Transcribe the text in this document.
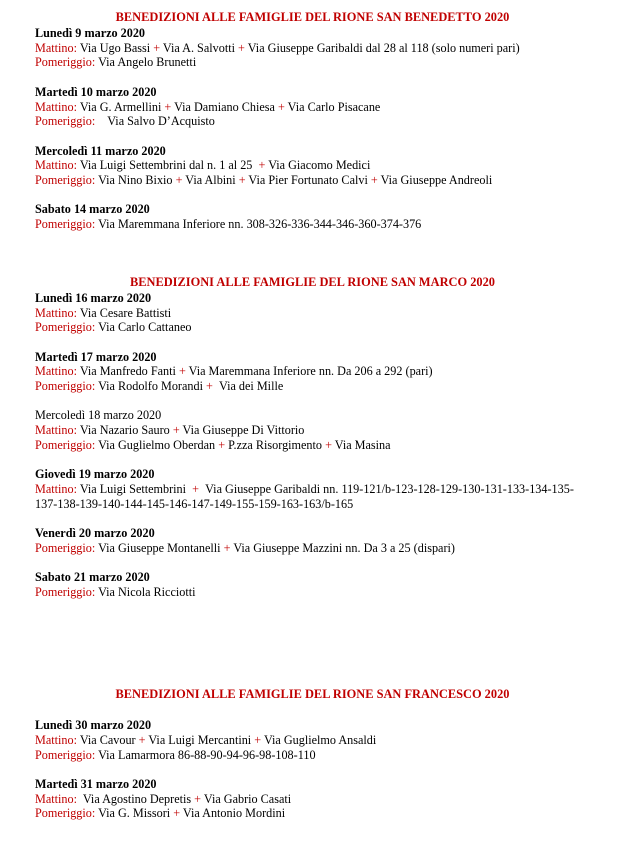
BENEDIZIONI ALLE FAMIGLIE DEL RIONE SAN BENEDETTO 2020
Lunedì 9 marzo 2020
Mattino: Via Ugo Bassi + Via A. Salvotti + Via Giuseppe Garibaldi dal 28 al 118 (solo numeri pari)
Pomeriggio: Via Angelo Brunetti
Martedì 10 marzo 2020
Mattino: Via G. Armellini + Via Damiano Chiesa + Via Carlo Pisacane
Pomeriggio: Via Salvo D’Acquisto
Mercoledì 11 marzo 2020
Mattino: Via Luigi Settembrini dal n. 1 al 25  + Via Giacomo Medici
Pomeriggio: Via Nino Bixio + Via Albini + Via Pier Fortunato Calvi + Via Giuseppe Andreoli
Sabato 14 marzo 2020
Pomeriggio: Via Maremmana Inferiore nn. 308-326-336-344-346-360-374-376
BENEDIZIONI ALLE FAMIGLIE DEL RIONE SAN MARCO 2020
Lunedì 16 marzo 2020
Mattino: Via Cesare Battisti
Pomeriggio: Via Carlo Cattaneo
Martedì 17 marzo 2020
Mattino: Via Manfredo Fanti + Via Maremmana Inferiore nn. Da 206 a 292 (pari)
Pomeriggio: Via Rodolfo Morandi +  Via dei Mille
Mercoledì 18 marzo 2020
Mattino: Via Nazario Sauro + Via Giuseppe Di Vittorio
Pomeriggio: Via Guglielmo Oberdan + P.zza Risorgimento + Via Masina
Giovedì 19 marzo 2020
Mattino: Via Luigi Settembrini  +  Via Giuseppe Garibaldi nn. 119-121/b-123-128-129-130-131-133-134-135-137-138-139-140-144-145-146-147-149-155-159-163-163/b-165
Venerdì 20 marzo 2020
Pomeriggio: Via Giuseppe Montanelli + Via Giuseppe Mazzini nn. Da 3 a 25 (dispari)
Sabato 21 marzo 2020
Pomeriggio: Via Nicola Ricciotti
BENEDIZIONI ALLE FAMIGLIE DEL RIONE SAN FRANCESCO 2020
Lunedì 30 marzo 2020
Mattino: Via Cavour + Via Luigi Mercantini + Via Guglielmo Ansaldi
Pomeriggio: Via Lamarmora 86-88-90-94-96-98-108-110
Martedì 31 marzo 2020
Mattino: Via Agostino Depretis + Via Gabrio Casati
Pomeriggio: Via G. Missori + Via Antonio Mordini
